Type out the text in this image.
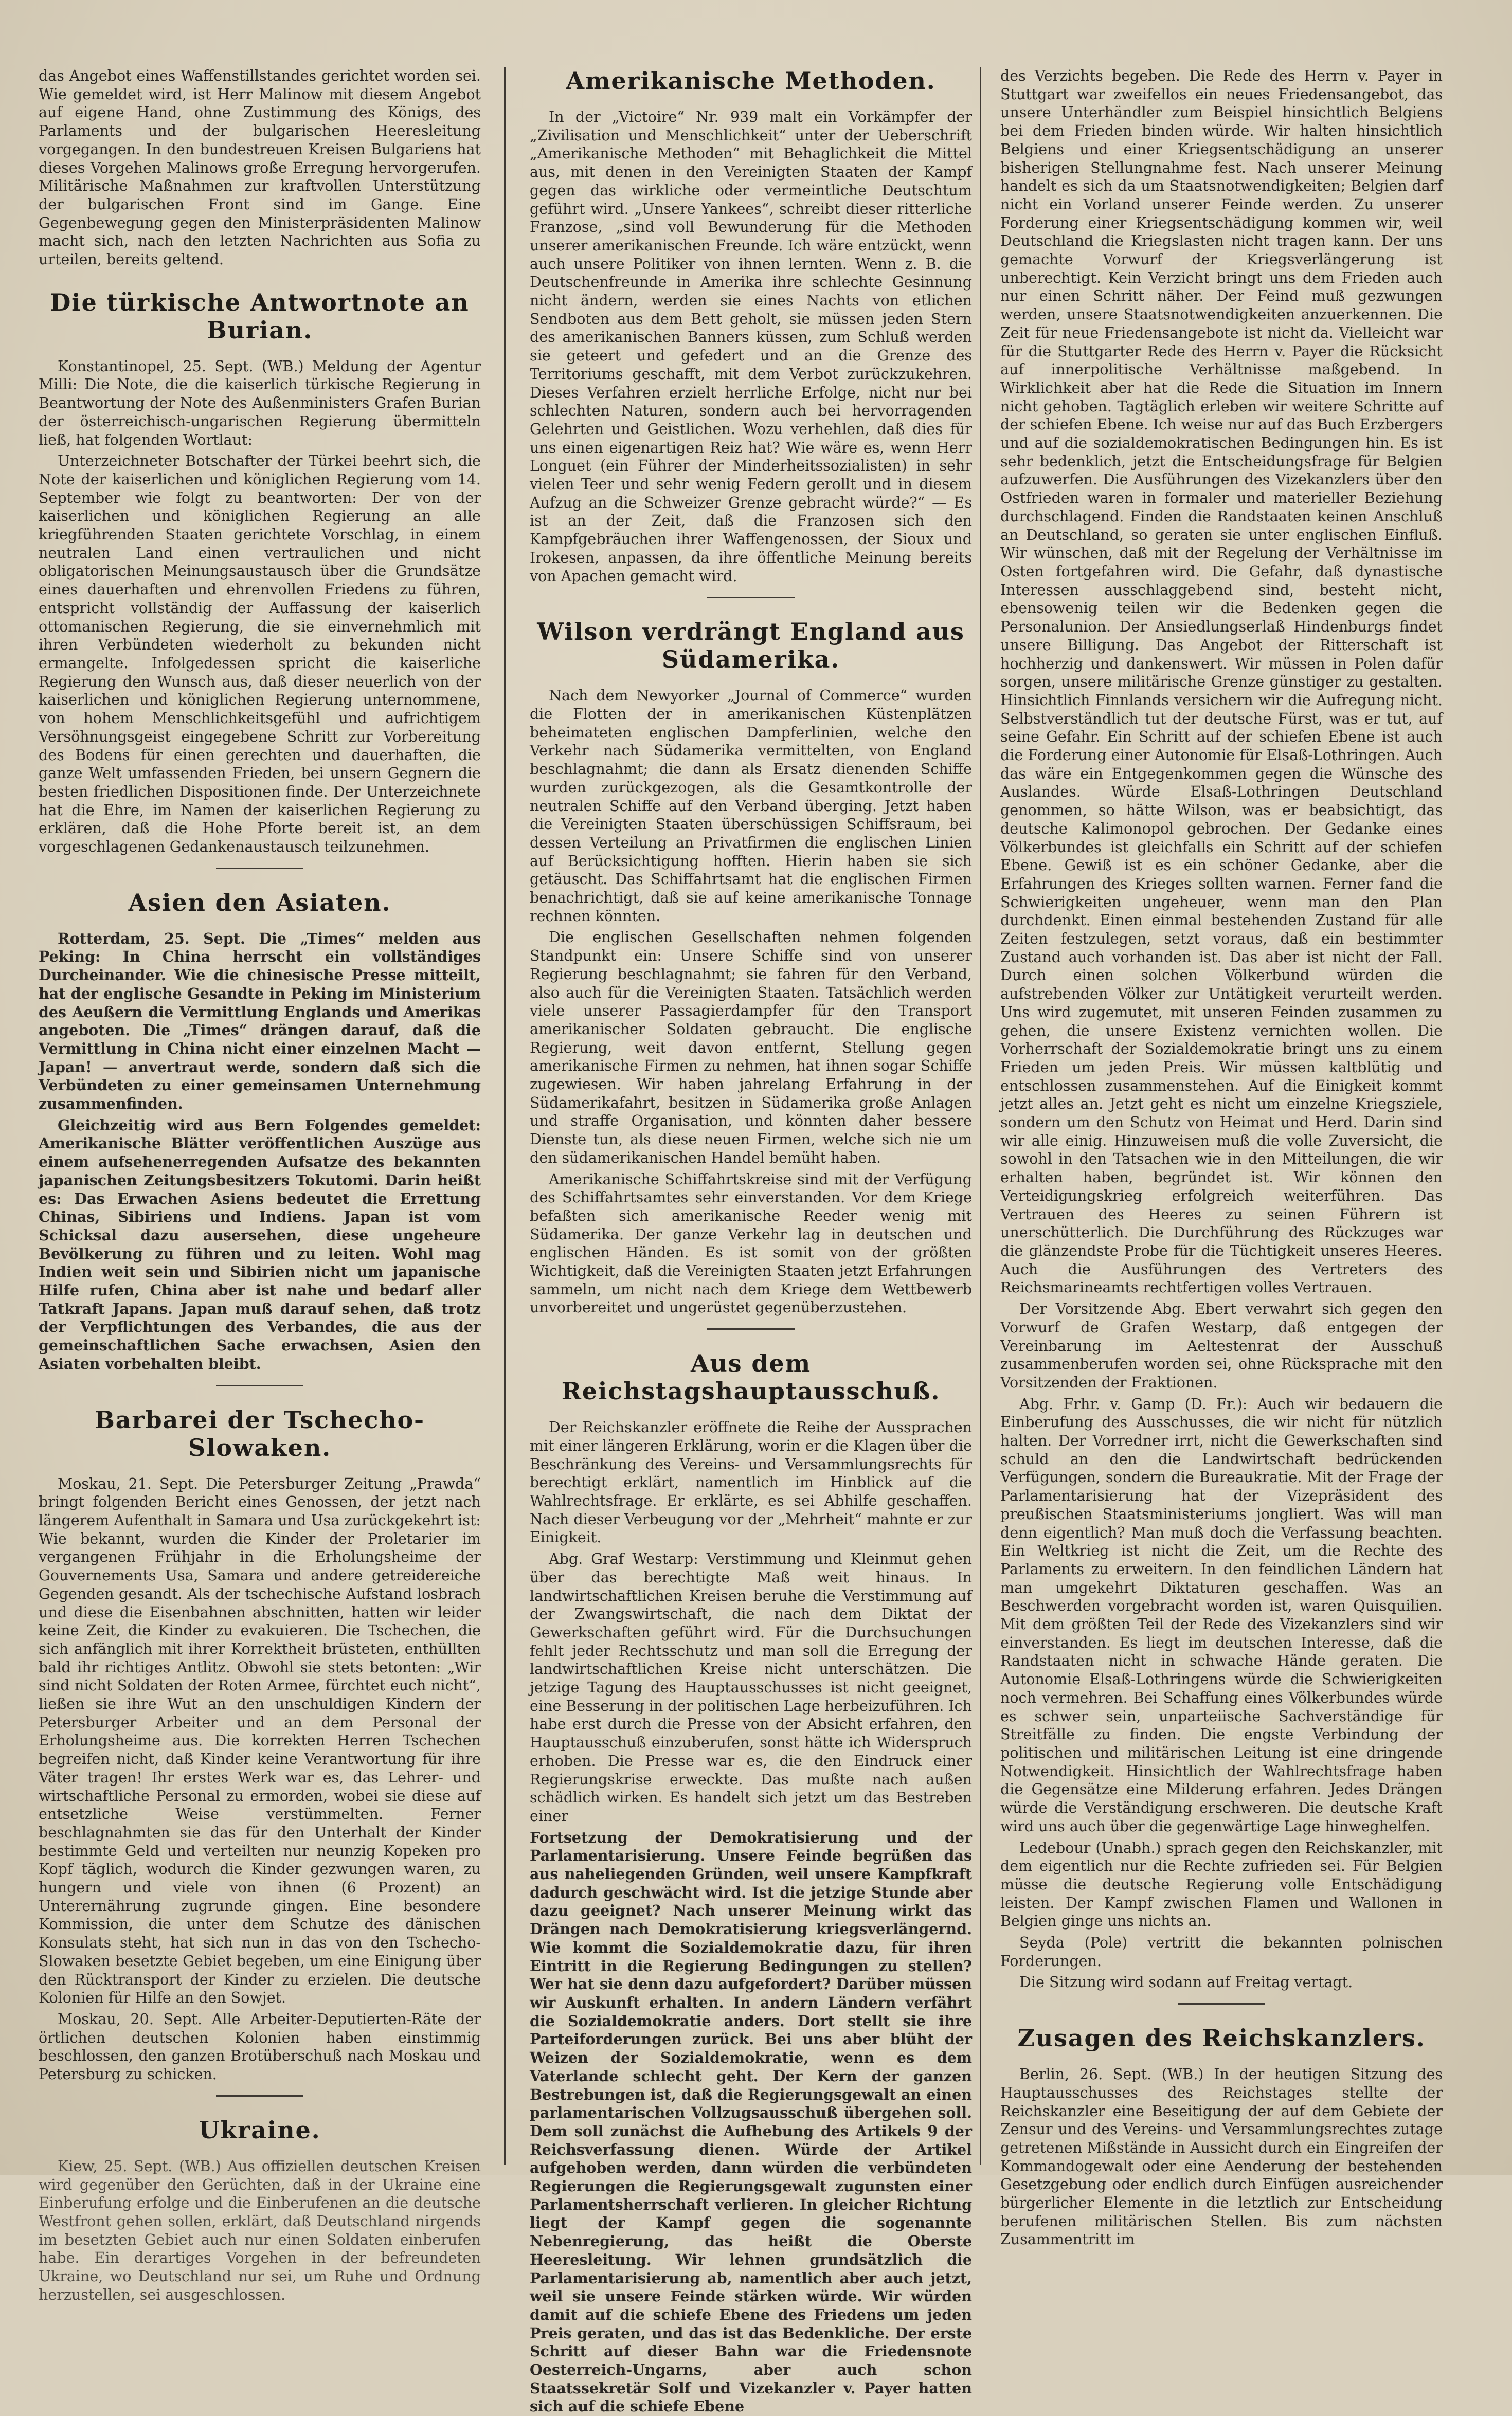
das Angebot eines Waffenstillstandes gerichtet worden sei. Wie gemeldet wird, ist Herr Malinow mit diesem Angebot auf eigene Hand, ohne Zustimmung des Königs, des Parlaments und der bulgarischen Heeresleitung vorgegangen. In den bundestreuen Kreisen Bulgariens hat dieses Vorgehen Malinows große Erregung hervorgerufen. Militärische Maßnahmen zur kraftvollen Unterstützung der bulgarischen Front sind im Gange. Eine Gegenbewegung gegen den Ministerpräsidenten Malinow macht sich, nach den letzten Nachrichten aus Sofia zu urteilen, bereits geltend.

Die türkische Antwortnote an Burian.

Konstantinopel, 25. Sept. (WB.) Meldung der Agentur Milli: Die Note, die die kaiserlich türkische Regierung in Beantwortung der Note des Außenministers Grafen Burian der österreichisch-ungarischen Regierung übermitteln ließ, hat folgenden Wortlaut:

Unterzeichneter Botschafter der Türkei beehrt sich, die Note der kaiserlichen und königlichen Regierung vom 14. September wie folgt zu beantworten: Der von der kaiserlichen und königlichen Regierung an alle kriegführenden Staaten gerichtete Vorschlag, in einem neutralen Land einen vertraulichen und nicht obligatorischen Meinungsaustausch über die Grundsätze eines dauerhaften und ehrenvollen Friedens zu führen, entspricht vollständig der Auffassung der kaiserlich ottomanischen Regierung, die sie einvernehmlich mit ihren Verbündeten wiederholt zu bekunden nicht ermangelte. Infolgedessen spricht die kaiserliche Regierung den Wunsch aus, daß dieser neuerlich von der kaiserlichen und königlichen Regierung unternommene, von hohem Menschlichkeitsgefühl und aufrichtigem Versöhnungsgeist eingegebene Schritt zur Vorbereitung des Bodens für einen gerechten und dauerhaften, die ganze Welt umfassenden Frieden, bei unsern Gegnern die besten friedlichen Dispositionen finde. Der Unterzeichnete hat die Ehre, im Namen der kaiserlichen Regierung zu erklären, daß die Hohe Pforte bereit ist, an dem vorgeschlagenen Gedankenaustausch teilzunehmen.

Asien den Asiaten.

Rotterdam, 25. Sept. Die „Times“ melden aus Peking: In China herrscht ein vollständiges Durcheinander. Wie die chinesische Presse mitteilt, hat der englische Gesandte in Peking im Ministerium des Aeußern die Vermittlung Englands und Amerikas angeboten. Die „Times“ drängen darauf, daß die Vermittlung in China nicht einer einzelnen Macht — Japan! — anvertraut werde, sondern daß sich die Verbündeten zu einer gemeinsamen Unternehmung zusammenfinden.

Gleichzeitig wird aus Bern Folgendes gemeldet: Amerikanische Blätter veröffentlichen Auszüge aus einem aufsehenerregenden Aufsatze des bekannten japanischen Zeitungsbesitzers Tokutomi. Darin heißt es: Das Erwachen Asiens bedeutet die Errettung Chinas, Sibiriens und Indiens. Japan ist vom Schicksal dazu ausersehen, diese ungeheure Bevölkerung zu führen und zu leiten. Wohl mag Indien weit sein und Sibirien nicht um japanische Hilfe rufen, China aber ist nahe und bedarf aller Tatkraft Japans. Japan muß darauf sehen, daß trotz der Verpflichtungen des Verbandes, die aus der gemeinschaftlichen Sache erwachsen, Asien den Asiaten vorbehalten bleibt.

Barbarei der Tschecho-Slowaken.

Moskau, 21. Sept. Die Petersburger Zeitung „Prawda“ bringt folgenden Bericht eines Genossen, der jetzt nach längerem Aufenthalt in Samara und Usa zurückgekehrt ist: Wie bekannt, wurden die Kinder der Proletarier im vergangenen Frühjahr in die Erholungsheime der Gouvernements Usa, Samara und andere getreidereiche Gegenden gesandt. Als der tschechische Aufstand losbrach und diese die Eisenbahnen abschnitten, hatten wir leider keine Zeit, die Kinder zu evakuieren. Die Tschechen, die sich anfänglich mit ihrer Korrektheit brüsteten, enthüllten bald ihr richtiges Antlitz. Obwohl sie stets betonten: „Wir sind nicht Soldaten der Roten Armee, fürchtet euch nicht“, ließen sie ihre Wut an den unschuldigen Kindern der Petersburger Arbeiter und an dem Personal der Erholungsheime aus. Die korrekten Herren Tschechen begreifen nicht, daß Kinder keine Verantwortung für ihre Väter tragen! Ihr erstes Werk war es, das Lehrer- und wirtschaftliche Personal zu ermorden, wobei sie diese auf entsetzliche Weise verstümmelten. Ferner beschlagnahmten sie das für den Unterhalt der Kinder bestimmte Geld und verteilten nur neunzig Kopeken pro Kopf täglich, wodurch die Kinder gezwungen waren, zu hungern und viele von ihnen (6 Prozent) an Unterernährung zugrunde gingen. Eine besondere Kommission, die unter dem Schutze des dänischen Konsulats steht, hat sich nun in das von den Tschecho-Slowaken besetzte Gebiet begeben, um eine Einigung über den Rücktransport der Kinder zu erzielen. Die deutsche Kolonien für Hilfe an den Sowjet.

Moskau, 20. Sept. Alle Arbeiter-Deputierten-Räte der örtlichen deutschen Kolonien haben einstimmig beschlossen, den ganzen Brotüberschuß nach Moskau und Petersburg zu schicken.

Ukraine.

Kiew, 25. Sept. (WB.) Aus offiziellen deutschen Kreisen wird gegenüber den Gerüchten, daß in der Ukraine eine Einberufung erfolge und die Einberufenen an die deutsche Westfront gehen sollen, erklärt, daß Deutschland nirgends im besetzten Gebiet auch nur einen Soldaten einberufen habe. Ein derartiges Vorgehen in der befreundeten Ukraine, wo Deutschland nur sei, um Ruhe und Ordnung herzustellen, sei ausgeschlossen.

Amerikanische Methoden.

In der „Victoire“ Nr. 939 malt ein Vorkämpfer der „Zivilisation und Menschlichkeit“ unter der Ueberschrift „Amerikanische Methoden“ mit Behaglichkeit die Mittel aus, mit denen in den Vereinigten Staaten der Kampf gegen das wirkliche oder vermeintliche Deutschtum geführt wird. „Unsere Yankees“, schreibt dieser ritterliche Franzose, „sind voll Bewunderung für die Methoden unserer amerikanischen Freunde. Ich wäre entzückt, wenn auch unsere Politiker von ihnen lernten. Wenn z. B. die Deutschenfreunde in Amerika ihre schlechte Gesinnung nicht ändern, werden sie eines Nachts von etlichen Sendboten aus dem Bett geholt, sie müssen jeden Stern des amerikanischen Banners küssen, zum Schluß werden sie geteert und gefedert und an die Grenze des Territoriums geschafft, mit dem Verbot zurückzukehren. Dieses Verfahren erzielt herrliche Erfolge, nicht nur bei schlechten Naturen, sondern auch bei hervorragenden Gelehrten und Geistlichen. Wozu verhehlen, daß dies für uns einen eigenartigen Reiz hat? Wie wäre es, wenn Herr Longuet (ein Führer der Minderheitssozialisten) in sehr vielen Teer und sehr wenig Federn gerollt und in diesem Aufzug an die Schweizer Grenze gebracht würde?“ — Es ist an der Zeit, daß die Franzosen sich den Kampfgebräuchen ihrer Waffengenossen, der Sioux und Irokesen, anpassen, da ihre öffentliche Meinung bereits von Apachen gemacht wird.

Wilson verdrängt England aus Südamerika.

Nach dem Newyorker „Journal of Commerce“ wurden die Flotten der in amerikanischen Küstenplätzen beheimateten englischen Dampferlinien, welche den Verkehr nach Südamerika vermittelten, von England beschlagnahmt; die dann als Ersatz dienenden Schiffe wurden zurückgezogen, als die Gesamtkontrolle der neutralen Schiffe auf den Verband überging. Jetzt haben die Vereinigten Staaten überschüssigen Schiffsraum, bei dessen Verteilung an Privatfirmen die englischen Linien auf Berücksichtigung hofften. Hierin haben sie sich getäuscht. Das Schiffahrtsamt hat die englischen Firmen benachrichtigt, daß sie auf keine amerikanische Tonnage rechnen könnten.

Die englischen Gesellschaften nehmen folgenden Standpunkt ein: Unsere Schiffe sind von unserer Regierung beschlagnahmt; sie fahren für den Verband, also auch für die Vereinigten Staaten. Tatsächlich werden viele unserer Passagierdampfer für den Transport amerikanischer Soldaten gebraucht. Die englische Regierung, weit davon entfernt, Stellung gegen amerikanische Firmen zu nehmen, hat ihnen sogar Schiffe zugewiesen. Wir haben jahrelang Erfahrung in der Südamerikafahrt, besitzen in Südamerika große Anlagen und straffe Organisation, und könnten daher bessere Dienste tun, als diese neuen Firmen, welche sich nie um den südamerikanischen Handel bemüht haben.

Amerikanische Schiffahrtskreise sind mit der Verfügung des Schiffahrtsamtes sehr einverstanden. Vor dem Kriege befaßten sich amerikanische Reeder wenig mit Südamerika. Der ganze Verkehr lag in deutschen und englischen Händen. Es ist somit von der größten Wichtigkeit, daß die Vereinigten Staaten jetzt Erfahrungen sammeln, um nicht nach dem Kriege dem Wettbewerb unvorbereitet und ungerüstet gegenüberzustehen.

Aus dem Reichstagshauptausschuß.

Der Reichskanzler eröffnete die Reihe der Aussprachen mit einer längeren Erklärung, worin er die Klagen über die Beschränkung des Vereins- und Versammlungsrechts für berechtigt erklärt, namentlich im Hinblick auf die Wahlrechtsfrage. Er erklärte, es sei Abhilfe geschaffen. Nach dieser Verbeugung vor der „Mehrheit“ mahnte er zur Einigkeit.

Abg. Graf Westarp: Verstimmung und Kleinmut gehen über das berechtigte Maß weit hinaus. In landwirtschaftlichen Kreisen beruhe die Verstimmung auf der Zwangswirtschaft, die nach dem Diktat der Gewerkschaften geführt wird. Für die Durchsuchungen fehlt jeder Rechtsschutz und man soll die Erregung der landwirtschaftlichen Kreise nicht unterschätzen. Die jetzige Tagung des Hauptausschusses ist nicht geeignet, eine Besserung in der politischen Lage herbeizuführen. Ich habe erst durch die Presse von der Absicht erfahren, den Hauptausschuß einzuberufen, sonst hätte ich Widerspruch erhoben. Die Presse war es, die den Eindruck einer Regierungskrise erweckte. Das mußte nach außen schädlich wirken. Es handelt sich jetzt um das Bestreben einer

Fortsetzung der Demokratisierung und der Parlamentarisierung. Unsere Feinde begrüßen das aus naheliegenden Gründen, weil unsere Kampfkraft dadurch geschwächt wird. Ist die jetzige Stunde aber dazu geeignet? Nach unserer Meinung wirkt das Drängen nach Demokratisierung kriegsverlängernd. Wie kommt die Sozialdemokratie dazu, für ihren Eintritt in die Regierung Bedingungen zu stellen? Wer hat sie denn dazu aufgefordert? Darüber müssen wir Auskunft erhalten. In andern Ländern verfährt die Sozialdemokratie anders. Dort stellt sie ihre Parteiforderungen zurück. Bei uns aber blüht der Weizen der Sozialdemokratie, wenn es dem Vaterlande schlecht geht. Der Kern der ganzen Bestrebungen ist, daß die Regierungsgewalt an einen parlamentarischen Vollzugsausschuß übergehen soll. Dem soll zunächst die Aufhebung des Artikels 9 der Reichsverfassung dienen. Würde der Artikel aufgehoben werden, dann würden die verbündeten Regierungen die Regierungsgewalt zugunsten einer Parlamentsherrschaft verlieren. In gleicher Richtung liegt der Kampf gegen die sogenannte Nebenregierung, das heißt die Oberste Heeresleitung. Wir lehnen grundsätzlich die Parlamentarisierung ab, namentlich aber auch jetzt, weil sie unsere Feinde stärken würde. Wir würden damit auf die schiefe Ebene des Friedens um jeden Preis geraten, und das ist das Bedenkliche. Der erste Schritt auf dieser Bahn war die Friedensnote Oesterreich-Ungarns, aber auch schon Staatssekretär Solf und Vizekanzler v. Payer hatten sich auf die schiefe Ebene

des Verzichts begeben. Die Rede des Herrn v. Payer in Stuttgart war zweifellos ein neues Friedensangebot, das unsere Unterhändler zum Beispiel hinsichtlich Belgiens bei dem Frieden binden würde. Wir halten hinsichtlich Belgiens und einer Kriegsentschädigung an unserer bisherigen Stellungnahme fest. Nach unserer Meinung handelt es sich da um Staatsnotwendigkeiten; Belgien darf nicht ein Vorland unserer Feinde werden. Zu unserer Forderung einer Kriegsentschädigung kommen wir, weil Deutschland die Kriegslasten nicht tragen kann. Der uns gemachte Vorwurf der Kriegsverlängerung ist unberechtigt. Kein Verzicht bringt uns dem Frieden auch nur einen Schritt näher. Der Feind muß gezwungen werden, unsere Staatsnotwendigkeiten anzuerkennen. Die Zeit für neue Friedensangebote ist nicht da. Vielleicht war für die Stuttgarter Rede des Herrn v. Payer die Rücksicht auf innerpolitische Verhältnisse maßgebend. In Wirklichkeit aber hat die Rede die Situation im Innern nicht gehoben. Tagtäglich erleben wir weitere Schritte auf der schiefen Ebene. Ich weise nur auf das Buch Erzbergers und auf die sozialdemokratischen Bedingungen hin. Es ist sehr bedenklich, jetzt die Entscheidungsfrage für Belgien aufzuwerfen. Die Ausführungen des Vizekanzlers über den Ostfrieden waren in formaler und materieller Beziehung durchschlagend. Finden die Randstaaten keinen Anschluß an Deutschland, so geraten sie unter englischen Einfluß. Wir wünschen, daß mit der Regelung der Verhältnisse im Osten fortgefahren wird. Die Gefahr, daß dynastische Interessen ausschlaggebend sind, besteht nicht, ebensowenig teilen wir die Bedenken gegen die Personalunion. Der Ansiedlungserlaß Hindenburgs findet unsere Billigung. Das Angebot der Ritterschaft ist hochherzig und dankenswert. Wir müssen in Polen dafür sorgen, unsere militärische Grenze günstiger zu gestalten. Hinsichtlich Finnlands versichern wir die Aufregung nicht. Selbstverständlich tut der deutsche Fürst, was er tut, auf seine Gefahr. Ein Schritt auf der schiefen Ebene ist auch die Forderung einer Autonomie für Elsaß-Lothringen. Auch das wäre ein Entgegenkommen gegen die Wünsche des Auslandes. Würde Elsaß-Lothringen Deutschland genommen, so hätte Wilson, was er beabsichtigt, das deutsche Kalimonopol gebrochen. Der Gedanke eines Völkerbundes ist gleichfalls ein Schritt auf der schiefen Ebene. Gewiß ist es ein schöner Gedanke, aber die Erfahrungen des Krieges sollten warnen. Ferner fand die Schwierigkeiten ungeheuer, wenn man den Plan durchdenkt. Einen einmal bestehenden Zustand für alle Zeiten festzulegen, setzt voraus, daß ein bestimmter Zustand auch vorhanden ist. Das aber ist nicht der Fall. Durch einen solchen Völkerbund würden die aufstrebenden Völker zur Untätigkeit verurteilt werden. Uns wird zugemutet, mit unseren Feinden zusammen zu gehen, die unsere Existenz vernichten wollen. Die Vorherrschaft der Sozialdemokratie bringt uns zu einem Frieden um jeden Preis. Wir müssen kaltblütig und entschlossen zusammenstehen. Auf die Einigkeit kommt jetzt alles an. Jetzt geht es nicht um einzelne Kriegsziele, sondern um den Schutz von Heimat und Herd. Darin sind wir alle einig. Hinzuweisen muß die volle Zuversicht, die sowohl in den Tatsachen wie in den Mitteilungen, die wir erhalten haben, begründet ist. Wir können den Verteidigungskrieg erfolgreich weiterführen. Das Vertrauen des Heeres zu seinen Führern ist unerschütterlich. Die Durchführung des Rückzuges war die glänzendste Probe für die Tüchtigkeit unseres Heeres. Auch die Ausführungen des Vertreters des Reichsmarineamts rechtfertigen volles Vertrauen.

Der Vorsitzende Abg. Ebert verwahrt sich gegen den Vorwurf de Grafen Westarp, daß entgegen der Vereinbarung im Aeltestenrat der Ausschuß zusammenberufen worden sei, ohne Rücksprache mit den Vorsitzenden der Fraktionen.

Abg. Frhr. v. Gamp (D. Fr.): Auch wir bedauern die Einberufung des Ausschusses, die wir nicht für nützlich halten. Der Vorredner irrt, nicht die Gewerkschaften sind schuld an den die Landwirtschaft bedrückenden Verfügungen, sondern die Bureaukratie. Mit der Frage der Parlamentarisierung hat der Vizepräsident des preußischen Staatsministeriums jongliert. Was will man denn eigentlich? Man muß doch die Verfassung beachten. Ein Weltkrieg ist nicht die Zeit, um die Rechte des Parlaments zu erweitern. In den feindlichen Ländern hat man umgekehrt Diktaturen geschaffen. Was an Beschwerden vorgebracht worden ist, waren Quisquilien. Mit dem größten Teil der Rede des Vizekanzlers sind wir einverstanden. Es liegt im deutschen Interesse, daß die Randstaaten nicht in schwache Hände geraten. Die Autonomie Elsaß-Lothringens würde die Schwierigkeiten noch vermehren. Bei Schaffung eines Völkerbundes würde es schwer sein, unparteiische Sachverständige für Streitfälle zu finden. Die engste Verbindung der politischen und militärischen Leitung ist eine dringende Notwendigkeit. Hinsichtlich der Wahlrechtsfrage haben die Gegensätze eine Milderung erfahren. Jedes Drängen würde die Verständigung erschweren. Die deutsche Kraft wird uns auch über die gegenwärtige Lage hinweghelfen.

Ledebour (Unabh.) sprach gegen den Reichskanzler, mit dem eigentlich nur die Rechte zufrieden sei. Für Belgien müsse die deutsche Regierung volle Entschädigung leisten. Der Kampf zwischen Flamen und Wallonen in Belgien ginge uns nichts an.

Seyda (Pole) vertritt die bekannten polnischen Forderungen.

Die Sitzung wird sodann auf Freitag vertagt.

Zusagen des Reichskanzlers.

Berlin, 26. Sept. (WB.) In der heutigen Sitzung des Hauptausschusses des Reichstages stellte der Reichskanzler eine Beseitigung der auf dem Gebiete der Zensur und des Vereins- und Versammlungsrechtes zutage getretenen Mißstände in Aussicht durch ein Eingreifen der Kommandogewalt oder eine Aenderung der bestehenden Gesetzgebung oder endlich durch Einfügen ausreichender bürgerlicher Elemente in die letztlich zur Entscheidung berufenen militärischen Stellen. Bis zum nächsten Zusammentritt im
